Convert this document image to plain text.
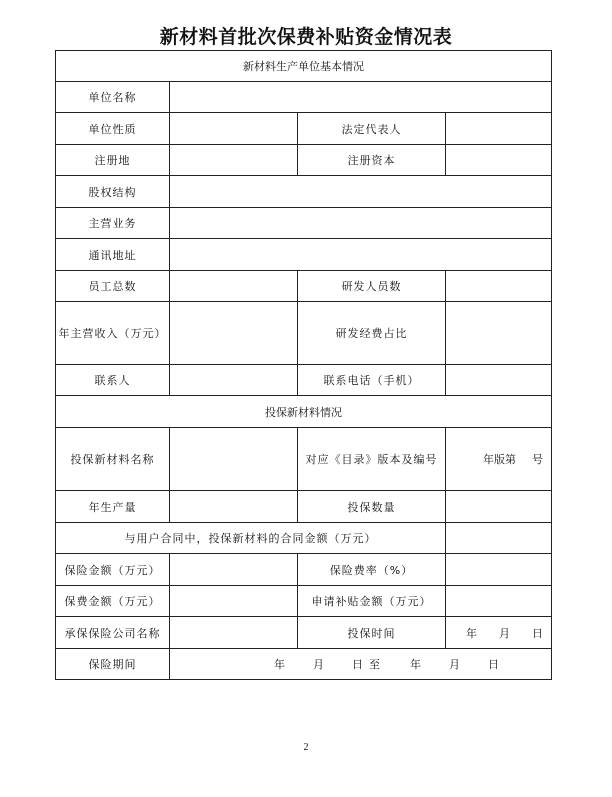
新材料首批次保费补贴资金情况表
新材料生产单位基本情况			
单位名称			
单位性质		法定代表人	
注册地		注册资本	
股权结构			
主营业务			
通讯地址			
员工总数		研发人员数	
年主营收入（万元）		研发经费占比	
联系人		联系电话（手机）	
投保新材料情况			
投保新材料名称		对应《目录》版本及编号	年版第 号
年生产量		投保数量	
与用户合同中，投保新材料的合同金额（万元）			
保险金额（万元）		保险费率（%）	
保费金额（万元）		申请补贴金额（万元）	
承保保险公司名称		投保时间	年 月 日
保险期间	年 月 日 至 年 月 日		
2
